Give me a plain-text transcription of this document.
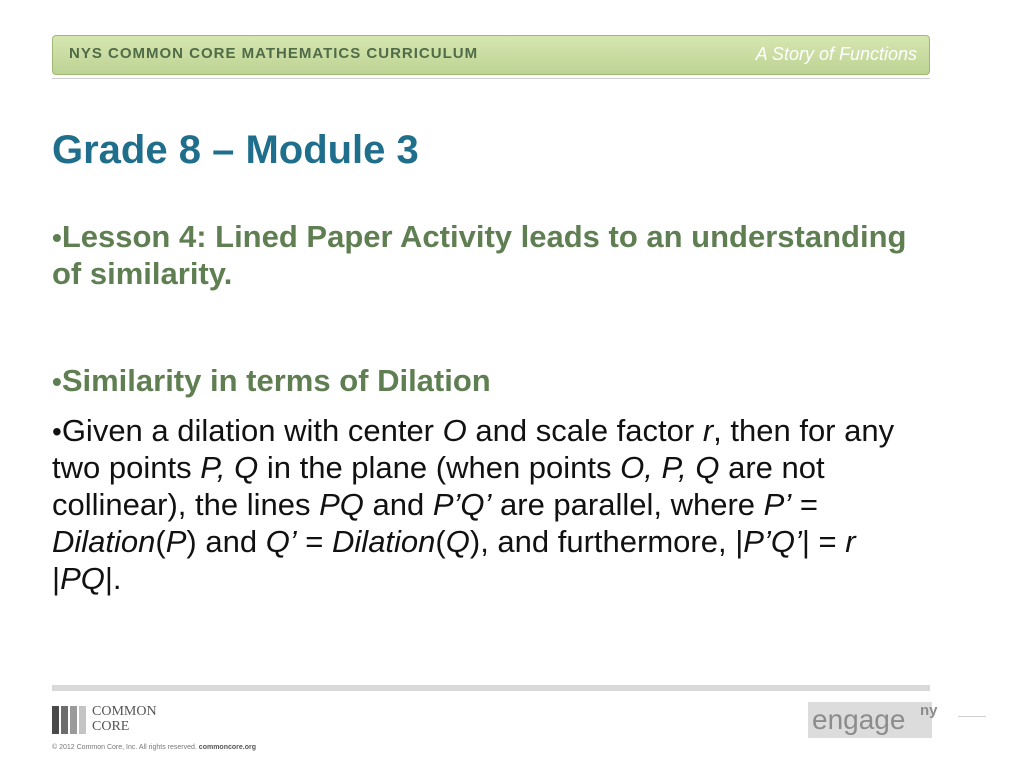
NYS COMMON CORE MATHEMATICS CURRICULUM	A Story of Functions
Grade 8 – Module 3

•Lesson 4: Lined Paper Activity leads to an understanding of similarity.

•Similarity in terms of Dilation

•Given a dilation with center O and scale factor r, then for any two points P, Q in the plane (when points O, P, Q are not collinear), the lines PQ and P’Q’ are parallel, where P’ = Dilation(P) and Q’ = Dilation(Q), and furthermore, |P’Q’| = r |PQ|.

COMMON
CORE
© 2012 Common Core, Inc. All rights reserved. commoncore.org
engage ny
